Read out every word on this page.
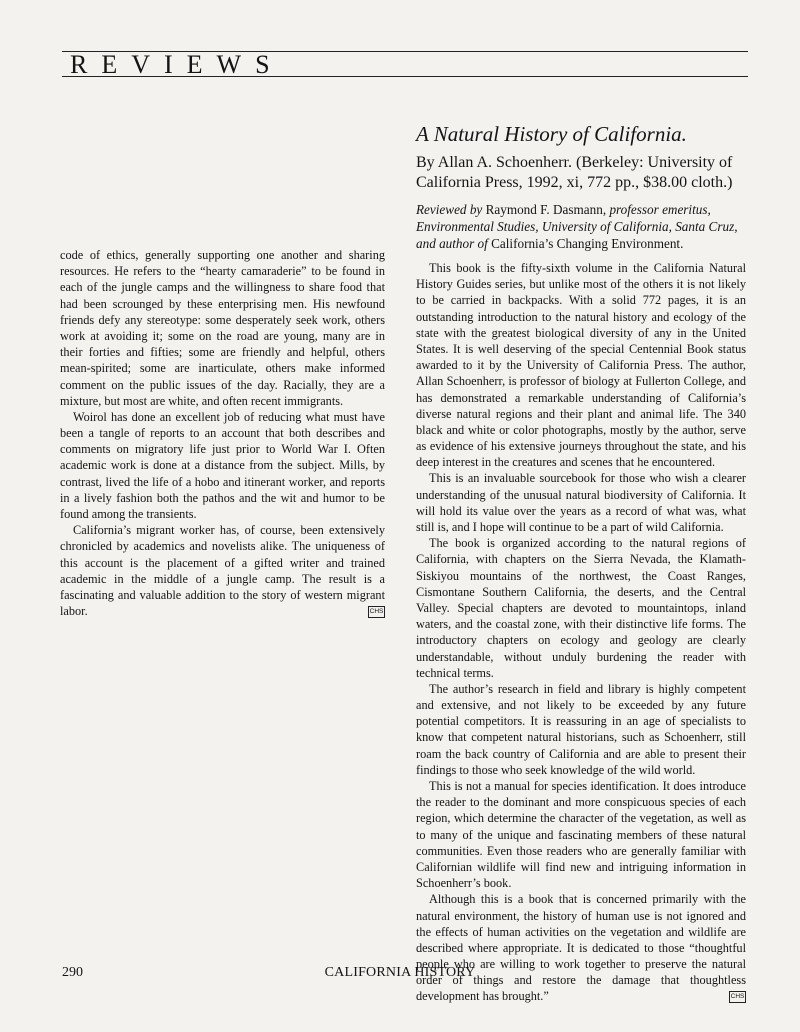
REVIEWS

code of ethics, generally supporting one another and sharing resources. He refers to the “hearty camaraderie” to be found in each of the jungle camps and the willingness to share food that had been scrounged by these enterprising men. His newfound friends defy any stereotype: some desperately seek work, others work at avoiding it; some on the road are young, many are in their forties and fifties; some are friendly and helpful, others mean-spirited; some are inarticulate, others make informed comment on the public issues of the day. Racially, they are a mixture, but most are white, and often recent immigrants.

Woirol has done an excellent job of reducing what must have been a tangle of reports to an account that both describes and comments on migratory life just prior to World War I. Often academic work is done at a distance from the subject. Mills, by contrast, lived the life of a hobo and itinerant worker, and reports in a lively fashion both the pathos and the wit and humor to be found among the transients.

California’s migrant worker has, of course, been extensively chronicled by academics and novelists alike. The uniqueness of this account is the placement of a gifted writer and trained academic in the middle of a jungle camp. The result is a fascinating and valuable addition to the story of western migrant labor.	CHS

A Natural History of California.

By Allan A. Schoenherr. (Berkeley: University of California Press, 1992, xi, 772 pp., $38.00 cloth.)

Reviewed by Raymond F. Dasmann, professor emeritus, Environmental Studies, University of California, Santa Cruz, and author of California’s Changing Environment.

This book is the fifty-sixth volume in the California Natural History Guides series, but unlike most of the others it is not likely to be carried in backpacks. With a solid 772 pages, it is an outstanding introduction to the natural history and ecology of the state with the greatest biological diversity of any in the United States. It is well deserving of the special Centennial Book status awarded to it by the University of California Press. The author, Allan Schoenherr, is professor of biology at Fullerton College, and has demonstrated a remarkable understanding of California’s diverse natural regions and their plant and animal life. The 340 black and white or color photographs, mostly by the author, serve as evidence of his extensive journeys throughout the state, and his deep interest in the creatures and scenes that he encountered.

This is an invaluable sourcebook for those who wish a clearer understanding of the unusual natural biodiversity of California. It will hold its value over the years as a record of what was, what still is, and I hope will continue to be a part of wild California.

The book is organized according to the natural regions of California, with chapters on the Sierra Nevada, the Klamath-Siskiyou mountains of the northwest, the Coast Ranges, Cismontane Southern California, the deserts, and the Central Valley. Special chapters are devoted to mountaintops, inland waters, and the coastal zone, with their distinctive life forms. The introductory chapters on ecology and geology are clearly understandable, without unduly burdening the reader with technical terms.

The author’s research in field and library is highly competent and extensive, and not likely to be exceeded by any future potential competitors. It is reassuring in an age of specialists to know that competent natural historians, such as Schoenherr, still roam the back country of California and are able to present their findings to those who seek knowledge of the wild world.

This is not a manual for species identification. It does introduce the reader to the dominant and more conspicuous species of each region, which determine the character of the vegetation, as well as to many of the unique and fascinating members of these natural communities. Even those readers who are generally familiar with Californian wildlife will find new and intriguing information in Schoenherr’s book.

Although this is a book that is concerned primarily with the natural environment, the history of human use is not ignored and the effects of human activities on the vegetation and wildlife are described where appropriate. It is dedicated to those “thoughtful people who are willing to work together to preserve the natural order of things and restore the damage that thoughtless development has brought.”	CHS

290	CALIFORNIA HISTORY
